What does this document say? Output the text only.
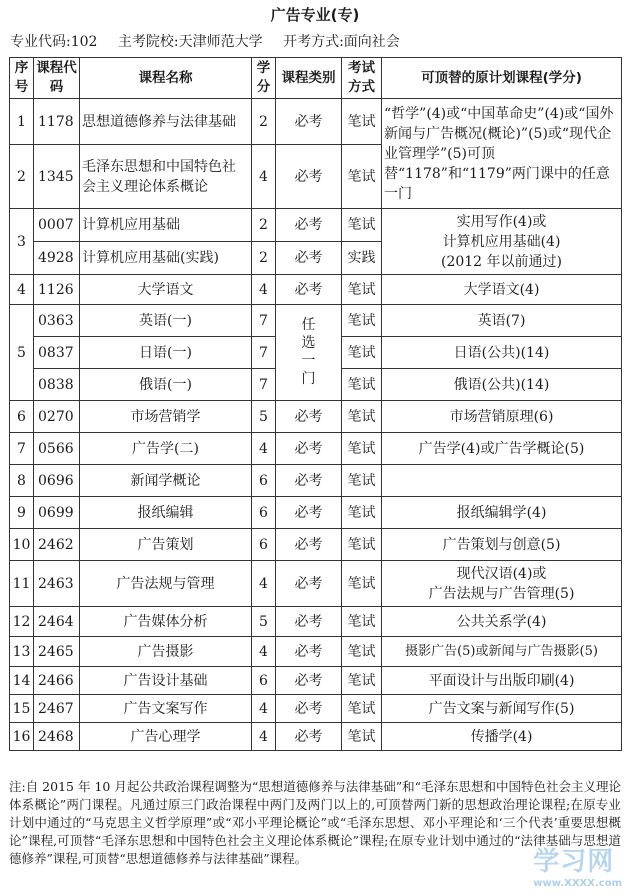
广告专业(专)
专业代码:102 主考院校:天津师范大学 开考方式:面向社会
序号	课程代码	课程名称	学分	课程类别	考试方式	可顶替的原计划课程(学分)
1	1178	思想道德修养与法律基础	2	必考	笔试	“哲学”(4)或“中国革命史”(4)或“国外新闻与广告概况(概论)”(5)或“现代企业管理学”(5)可顶替“1178”和“1179”两门课中的任意一门
2	1345	毛泽东思想和中国特色社会主义理论体系概论	4	必考	笔试	
3	0007	计算机应用基础	2	必考	笔试	实用写作(4)或
计算机应用基础(4)
(2012 年以前通过)

	4928	计算机应用基础(实践)	2	必考	实践	
4	1126	大学语文	4	必考	笔试	大学语文(4)
5	0363	英语(一)	7	任选一门	笔试	英语(7)
	0837	日语(一)	7		笔试	日语(公共)(14)
	0838	俄语(一)	7		笔试	俄语(公共)(14)
6	0270	市场营销学	5	必考	笔试	市场营销原理(6)
7	0566	广告学(二)	4	必考	笔试	广告学(4)或广告学概论(5)
8	0696	新闻学概论	6	必考	笔试	
9	0699	报纸编辑	6	必考	笔试	报纸编辑学(4)
10	2462	广告策划	6	必考	笔试	广告策划与创意(5)
11	2463	广告法规与管理	4	必考	笔试	现代汉语(4)或
广告法规与广告管理(5)

12	2464	广告媒体分析	5	必考	笔试	公共关系学(4)
13	2465	广告摄影	4	必考	笔试	摄影广告(5)或新闻与广告摄影(5)
14	2466	广告设计基础	6	必考	笔试	平面设计与出版印刷(4)
15	2467	广告文案写作	4	必考	笔试	广告文案与新闻写作(5)
16	2468	广告心理学	4	必考	笔试	传播学(4)
注:自 2015 年 10 月起公共政治课程调整为“思想道德修养与法律基础”和“毛泽东思想和中国特色社会主义理论体系概论”两门课程。凡通过原三门政治课程中两门及两门以上的,可顶替两门新的思想政治理论课程;在原专业计划中通过的“马克思主义哲学原理”或“邓小平理论概论”或“毛泽东思想、邓小平理论和‘三个代表’重要思想概论”课程,可顶替“毛泽东思想和中国特色社会主义理论体系概论”课程;在原专业计划中通过的“法律基础与思想道德修养”课程,可顶替“思想道德修养与法律基础”课程。	学习网
www.XXXX.com
